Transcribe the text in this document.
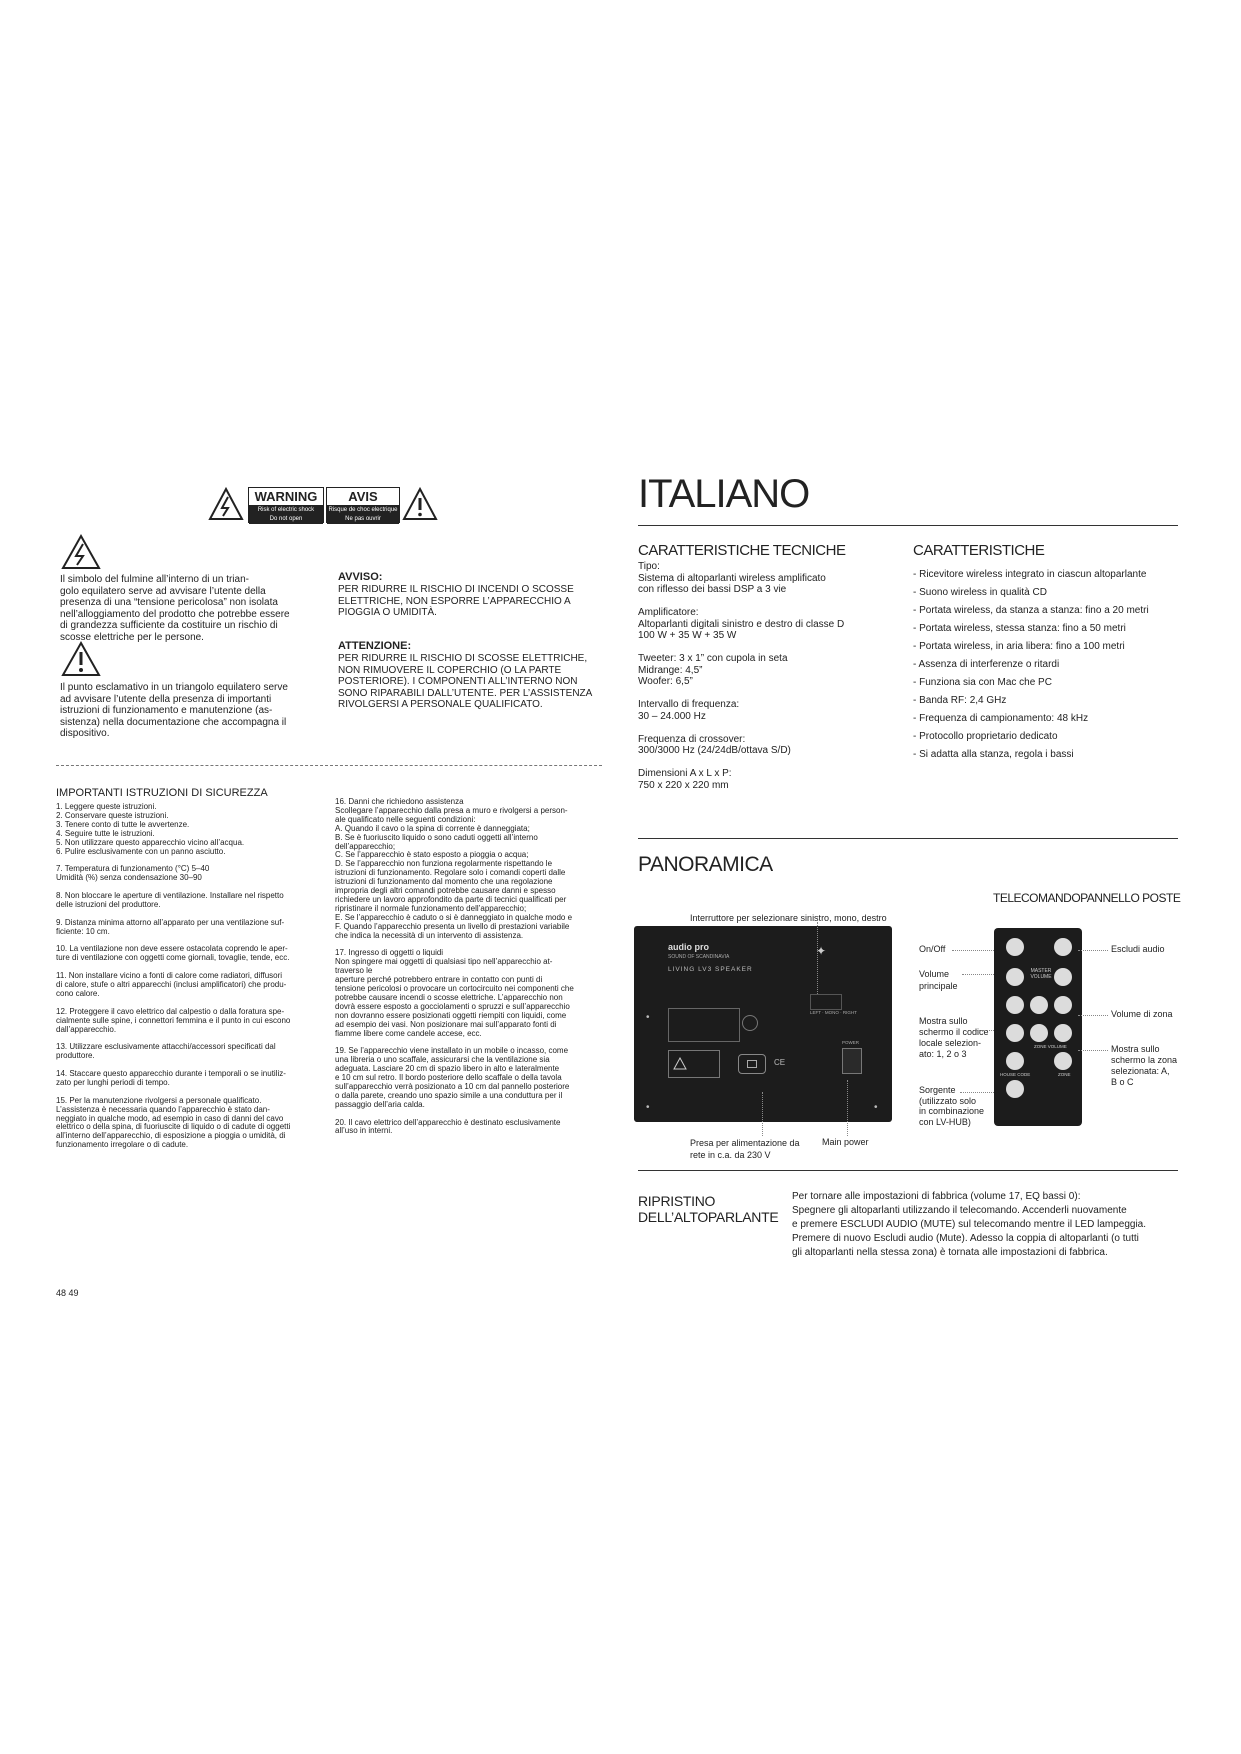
WARNING
Risk of electric shock
Do not open
AVIS
Risque de choc electrique
Ne pas ouvrir
Il simbolo del fulmine all’interno di un trian-
golo equilatero serve ad avvisare l’utente della
presenza di una “tensione pericolosa” non isolata
nell’alloggiamento del prodotto che potrebbe essere
di grandezza sufficiente da costituire un rischio di
scosse elettriche per le persone.
Il punto esclamativo in un triangolo equilatero serve
ad avvisare l’utente della presenza di importanti
istruzioni di funzionamento e manutenzione (as-
sistenza) nella documentazione che accompagna il
dispositivo.
AVVISO:
PER RIDURRE IL RISCHIO DI INCENDI O SCOSSE
ELETTRICHE, NON ESPORRE L’APPARECCHIO A
PIOGGIA O UMIDITÀ.
ATTENZIONE:
PER RIDURRE IL RISCHIO DI SCOSSE ELETTRICHE,
NON RIMUOVERE IL COPERCHIO (O LA PARTE
POSTERIORE). I COMPONENTI ALL’INTERNO NON
SONO RIPARABILI DALL’UTENTE. PER L’ASSISTENZA
RIVOLGERSI A PERSONALE QUALIFICATO.
IMPORTANTI ISTRUZIONI DI SICUREZZA
1. Leggere queste istruzioni.
2. Conservare queste istruzioni.
3. Tenere conto di tutte le avvertenze.
4. Seguire tutte le istruzioni.
5. Non utilizzare questo apparecchio vicino all’acqua.
6. Pulire esclusivamente con un panno asciutto.
7. Temperatura di funzionamento (°C) 5–40
Umidità (%) senza condensazione 30–90
8. Non bloccare le aperture di ventilazione. Installare nel rispetto
delle istruzioni del produttore.
9. Distanza minima attorno all’apparato per una ventilazione suf-
ficiente: 10 cm.
10. La ventilazione non deve essere ostacolata coprendo le aper-
ture di ventilazione con oggetti come giornali, tovaglie, tende, ecc.
11. Non installare vicino a fonti di calore come radiatori, diffusori
di calore, stufe o altri apparecchi (inclusi amplificatori) che produ-
cono calore.
12. Proteggere il cavo elettrico dal calpestio o dalla foratura spe-
cialmente sulle spine, i connettori femmina e il punto in cui escono
dall’apparecchio.
13. Utilizzare esclusivamente attacchi/accessori specificati dal
produttore.
14. Staccare questo apparecchio durante i temporali o se inutiliz-
zato per lunghi periodi di tempo.
15. Per la manutenzione rivolgersi a personale qualificato.
L’assistenza è necessaria quando l’apparecchio è stato dan-
neggiato in qualche modo, ad esempio in caso di danni del cavo
elettrico o della spina, di fuoriuscite di liquido o di cadute di oggetti
all’interno dell’apparecchio, di esposizione a pioggia o umidità, di
funzionamento irregolare o di cadute.
16. Danni che richiedono assistenza
Scollegare l’apparecchio dalla presa a muro e rivolgersi a person-
ale qualificato nelle seguenti condizioni:
A. Quando il cavo o la spina di corrente è danneggiata;
B. Se è fuoriuscito liquido o sono caduti oggetti all’interno
dell’apparecchio;
C. Se l’apparecchio è stato esposto a pioggia o acqua;
D. Se l’apparecchio non funziona regolarmente rispettando le
istruzioni di funzionamento. Regolare solo i comandi coperti dalle
istruzioni di funzionamento dal momento che una regolazione
impropria degli altri comandi potrebbe causare danni e spesso
richiedere un lavoro approfondito da parte di tecnici qualificati per
ripristinare il normale funzionamento dell’apparecchio;
E. Se l’apparecchio è caduto o si è danneggiato in qualche modo e
F. Quando l’apparecchio presenta un livello di prestazioni variabile
che indica la necessità di un intervento di assistenza.
17. Ingresso di oggetti o liquidi
Non spingere mai oggetti di qualsiasi tipo nell’apparecchio at-
traverso le
aperture perché potrebbero entrare in contatto con punti di
tensione pericolosi o provocare un cortocircuito nei componenti che
potrebbe causare incendi o scosse elettriche. L’apparecchio non
dovrà essere esposto a gocciolamenti o spruzzi e sull’apparecchio
non dovranno essere posizionati oggetti riempiti con liquidi, come
ad esempio dei vasi. Non posizionare mai sull’apparato fonti di
fiamme libere come candele accese, ecc.
19. Se l’apparecchio viene installato in un mobile o incasso, come
una libreria o uno scaffale, assicurarsi che la ventilazione sia
adeguata. Lasciare 20 cm di spazio libero in alto e lateralmente
e 10 cm sul retro. Il bordo posteriore dello scaffale o della tavola
sull’apparecchio verrà posizionato a 10 cm dal pannello posteriore
o dalla parete, creando uno spazio simile a una conduttura per il
passaggio dell’aria calda.
20. Il cavo elettrico dell’apparecchio è destinato esclusivamente
all’uso in interni.
48 49
ITALIANO
CARATTERISTICHE TECNICHE
Tipo:
Sistema di altoparlanti wireless amplificato
con riflesso dei bassi DSP a 3 vie
Amplificatore:
Altoparlanti digitali sinistro e destro di classe D
100 W + 35 W + 35 W
Tweeter: 3 x 1” con cupola in seta
Midrange: 4,5”
Woofer: 6,5”
Intervallo di frequenza:
30 – 24.000 Hz
Frequenza di crossover:
300/3000 Hz (24/24dB/ottava S/D)
Dimensioni A x L x P:
750 x 220 x 220 mm
CARATTERISTICHE
- Ricevitore wireless integrato in ciascun altoparlante
- Suono wireless in qualità CD
- Portata wireless, da stanza a stanza: fino a 20 metri
- Portata wireless, stessa stanza: fino a 50 metri
- Portata wireless, in aria libera: fino a 100 metri
- Assenza di interferenze o ritardi
- Funziona sia con Mac che PC
- Banda RF: 2,4 GHz
- Frequenza di campionamento: 48 kHz
- Protocollo proprietario dedicato
- Si adatta alla stanza, regola i bassi
PANORAMICA
TELECOMANDOPANNELLO POSTE
Interruttore per selezionare sinistro, mono, destro
audio pro
SOUND OF SCANDINAVIA
LIVING LV3 SPEAKER
✦
LEFT · MONO · RIGHT
•
CE
POWER
•	•
Presa per alimentazione da
rete in c.a. da 230 V
Main power
On/Off
Volume
principale
Mostra sullo
schermo il codice
locale selezion-
ato: 1, 2 o 3
Sorgente
(utilizzato solo
in combinazione
con LV-HUB)
MASTER
VOLUME
ZONE VOLUME
HOUSE CODE	ZONE
Escludi audio
Volume di zona
Mostra sullo
schermo la zona
selezionata: A,
B o C
RIPRISTINO
DELL’ALTOPARLANTE
Per tornare alle impostazioni di fabbrica (volume 17, EQ bassi 0):
Spegnere gli altoparlanti utilizzando il telecomando. Accenderli nuovamente
e premere ESCLUDI AUDIO (MUTE) sul telecomando mentre il LED lampeggia.
Premere di nuovo Escludi audio (Mute). Adesso la coppia di altoparlanti (o tutti
gli altoparlanti nella stessa zona) è tornata alle impostazioni di fabbrica.
